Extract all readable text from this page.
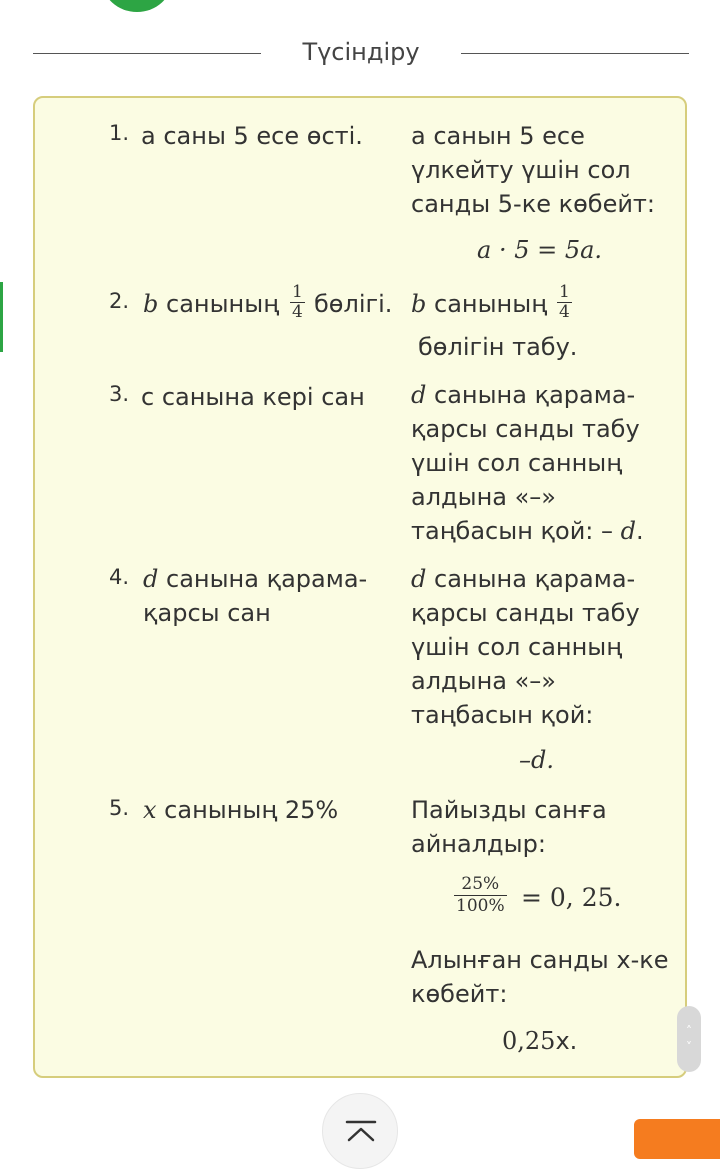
Түсіндіру
1. a саны 5 есе өсті. a санын 5 есе
үлкейту үшін сол
санды 5-ке көбейт:
a · 5 = 5a.
2. b санының $\frac{1}{4}$ бөлігі. b санының $\frac{1}{4}$
бөлігін табу.
3. c санына кері сан d санына қарама-
қарсы санды табу
үшін сол санның
алдына «–»
таңбасын қой: – d.
4. d санына қарама-
қарсы сан
d санына қарама-
қарсы санды табу
үшін сол санның
алдына «–»
таңбасын қой:
–d.
5. x санының 25%	Пайызды санға
айналдыр:
$\frac{25\%}{100\%} = 0$, 25.
Алынған санды x-ке
көбейт:
0,25x.	˄
˅
